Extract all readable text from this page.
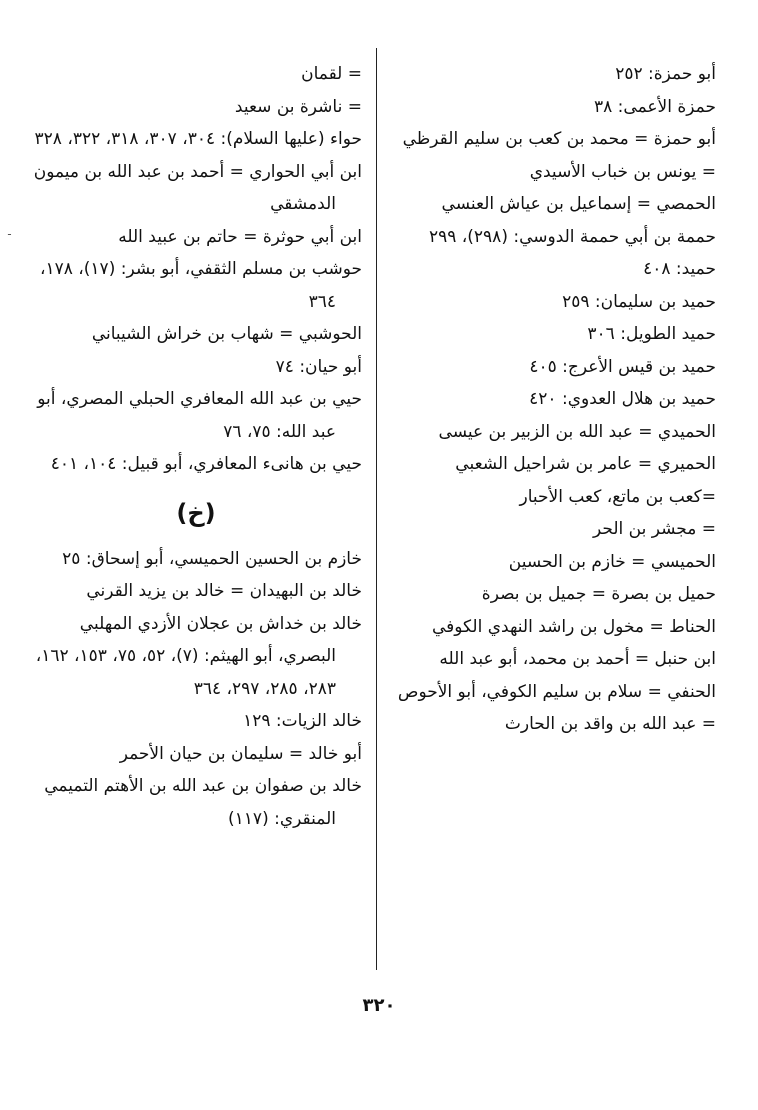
أبو حمزة: ٢٥٢

حمزة الأعمى: ٣٨

أبو حمزة = محمد بن كعب بن سليم القرظي

= يونس بن خباب الأسيدي

الحمصي = إسماعيل بن عياش العنسي

حممة بن أبي حممة الدوسي: (٢٩٨)، ٢٩٩

حميد: ٤٠٨

حميد بن سليمان: ٢٥٩

حميد الطويل: ٣٠٦

حميد بن قيس الأعرج: ٤٠٥

حميد بن هلال العدوي: ٤٢٠

الحميدي = عبد الله بن الزبير بن عيسى

الحميري = عامر بن شراحيل الشعبي

=كعب بن ماتع، كعب الأحبار

= مجشر بن الحر

الحميسي = خازم بن الحسين

حميل بن بصرة = جميل بن بصرة

الحناط = مخول بن راشد النهدي الكوفي

ابن حنبل = أحمد بن محمد، أبو عبد الله

الحنفي = سلام بن سليم الكوفي، أبو الأحوص

= عبد الله بن واقد بن الحارث

= لقمان

= ناشرة بن سعيد

حواء (عليها السلام): ٣٠٤، ٣٠٧، ٣١٨، ٣٢٢، ٣٢٨

ابن أبي الحواري = أحمد بن عبد الله بن ميمون الدمشقي

ابن أبي حوثرة = حاتم بن عبيد الله

حوشب بن مسلم الثقفي، أبو بشر: (١٧)، ١٧٨، ٣٦٤

الحوشبي = شهاب بن خراش الشيباني

أبو حيان: ٧٤

حيي بن عبد الله المعافري الحبلي المصري، أبو عبد الله: ٧٥، ٧٦

حيي بن هانىء المعافري، أبو قبيل: ١٠٤، ٤٠١

(خ)

خازم بن الحسين الحميسي، أبو إسحاق: ٢٥

خالد بن البهيدان = خالد بن يزيد القرني

خالد بن خداش بن عجلان الأزدي المهلبي البصري، أبو الهيثم: (٧)، ٥٢، ٧٥، ١٥٣، ١٦٢، ٢٨٣، ٢٨٥، ٢٩٧، ٣٦٤

خالد الزيات: ١٢٩

أبو خالد = سليمان بن حيان الأحمر

خالد بن صفوان بن عبد الله بن الأهتم التميمي المنقري: (١١٧)

ـ
٣٢٠
